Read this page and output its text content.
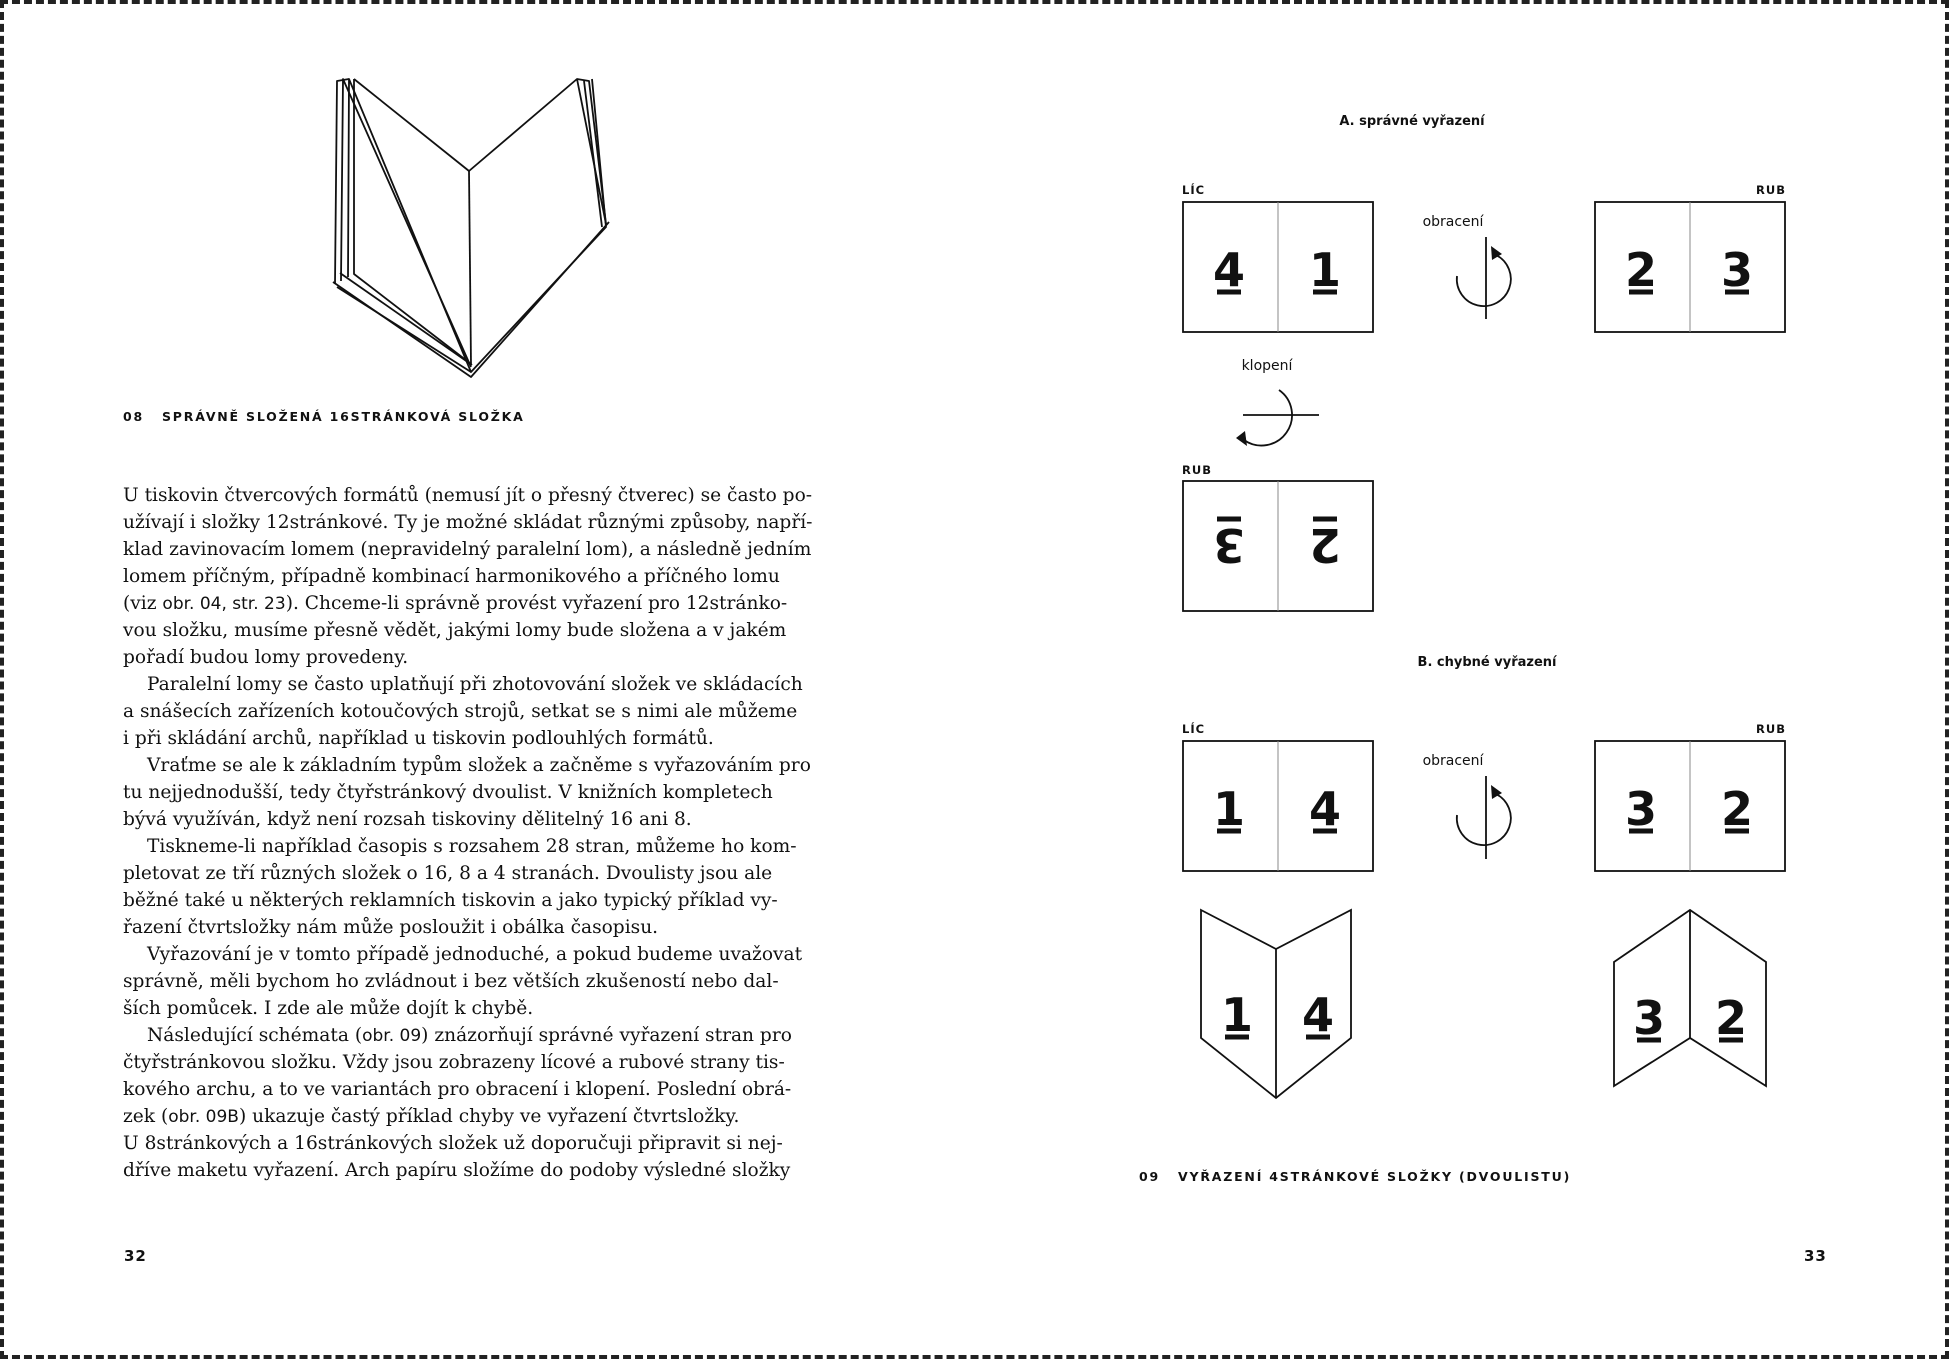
08 SPRÁVNĚ SLOŽENÁ 16STRÁNKOVÁ SLOŽKA
U tiskovin čtvercových formátů (nemusí jít o přesný čtverec) se často po-
užívají i složky 12stránkové. Ty je možné skládat různými způsoby, napří-
klad zavinovacím lomem (nepravidelný paralelní lom), a následně jedním
lomem příčným, případně kombinací harmonikového a příčného lomu
(viz obr. 04, str. 23). Chceme-li správně provést vyřazení pro 12stránko-
vou složku, musíme přesně vědět, jakými lomy bude složena a v jakém
pořadí budou lomy provedeny.
Paralelní lomy se často uplatňují při zhotovování složek ve skládacích
a snášecích zařízeních kotoučových strojů, setkat se s nimi ale můžeme
i při skládání archů, například u tiskovin podlouhlých formátů.
Vraťme se ale k základním typům složek a začněme s vyřazováním pro
tu nejjednodušší, tedy čtyřstránkový dvoulist. V knižních kompletech
bývá využíván, když není rozsah tiskoviny dělitelný 16 ani 8.
Tiskneme-li například časopis s rozsahem 28 stran, můžeme ho kom-
pletovat ze tří různých složek o 16, 8 a 4 stranách. Dvoulisty jsou ale
běžné také u některých reklamních tiskovin a jako typický příklad vy-
řazení čtvrtsložky nám může posloužit i obálka časopisu.
Vyřazování je v tomto případě jednoduché, a pokud budeme uvažovat
správně, měli bychom ho zvládnout i bez větších zkušeností nebo dal-
ších pomůcek. I zde ale může dojít k chybě.
Následující schémata (obr. 09) znázorňují správné vyřazení stran pro
čtyřstránkovou složku. Vždy jsou zobrazeny lícové a rubové strany tis-
kového archu, a to ve variantách pro obracení i klopení. Poslední obrá-
zek (obr. 09B) ukazuje častý příklad chyby ve vyřazení čtvrtsložky.
U 8stránkových a 16stránkových složek už doporučuji připravit si nej-
dříve maketu vyřazení. Arch papíru složíme do podoby výsledné složky
32
A. správné vyřazení
B. chybné vyřazení
LÍC	RUB
obracení
klopení
RUB
LÍC	RUB
obracení
4 1	2 3
3 2
1 4	3 2
1 4	3 2
09 VYŘAZENÍ 4STRÁNKOVÉ SLOŽKY (DVOULISTU)
33
